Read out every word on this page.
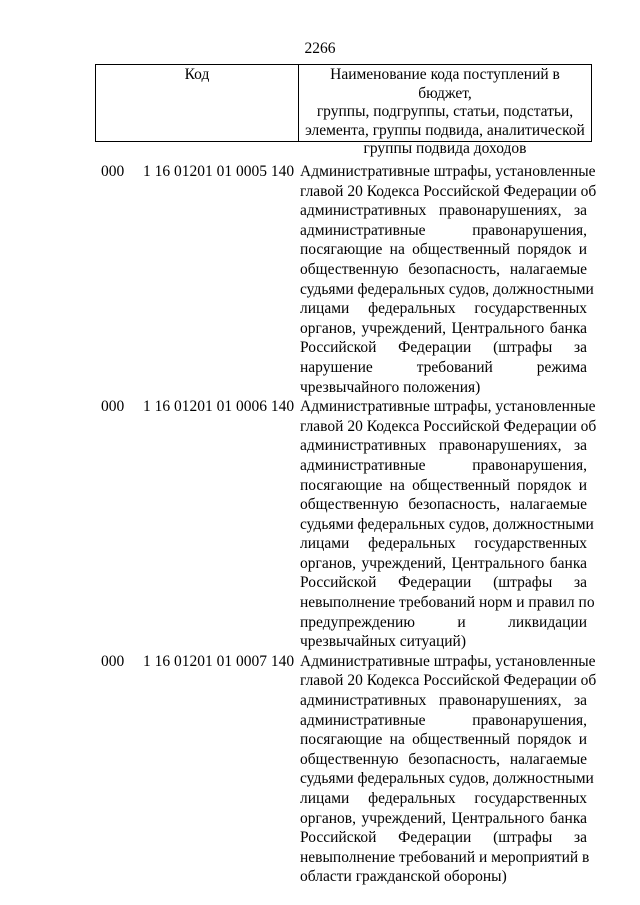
2266
Код	Наименование кода поступлений в бюджет,
группы, подгруппы, статьи, подстатьи,
элемента, группы подвида, аналитической
группы подвида доходов
000 1 16 01201 01 0005 140 Административные штрафы, установленные
главой 20 Кодекса Российской Федерации об
административных правонарушениях, за
административные правонарушения,
посягающие на общественный порядок и
общественную безопасность, налагаемые
судьями федеральных судов, должностными
лицами федеральных государственных
органов, учреждений, Центрального банка
Российской Федерации (штрафы за
нарушение требований режима
чрезвычайного положения)
000 1 16 01201 01 0006 140 Административные штрафы, установленные
главой 20 Кодекса Российской Федерации об
административных правонарушениях, за
административные правонарушения,
посягающие на общественный порядок и
общественную безопасность, налагаемые
судьями федеральных судов, должностными
лицами федеральных государственных
органов, учреждений, Центрального банка
Российской Федерации (штрафы за
невыполнение требований норм и правил по
предупреждению и ликвидации
чрезвычайных ситуаций)
000 1 16 01201 01 0007 140 Административные штрафы, установленные
главой 20 Кодекса Российской Федерации об
административных правонарушениях, за
административные правонарушения,
посягающие на общественный порядок и
общественную безопасность, налагаемые
судьями федеральных судов, должностными
лицами федеральных государственных
органов, учреждений, Центрального банка
Российской Федерации (штрафы за
невыполнение требований и мероприятий в
области гражданской обороны)
